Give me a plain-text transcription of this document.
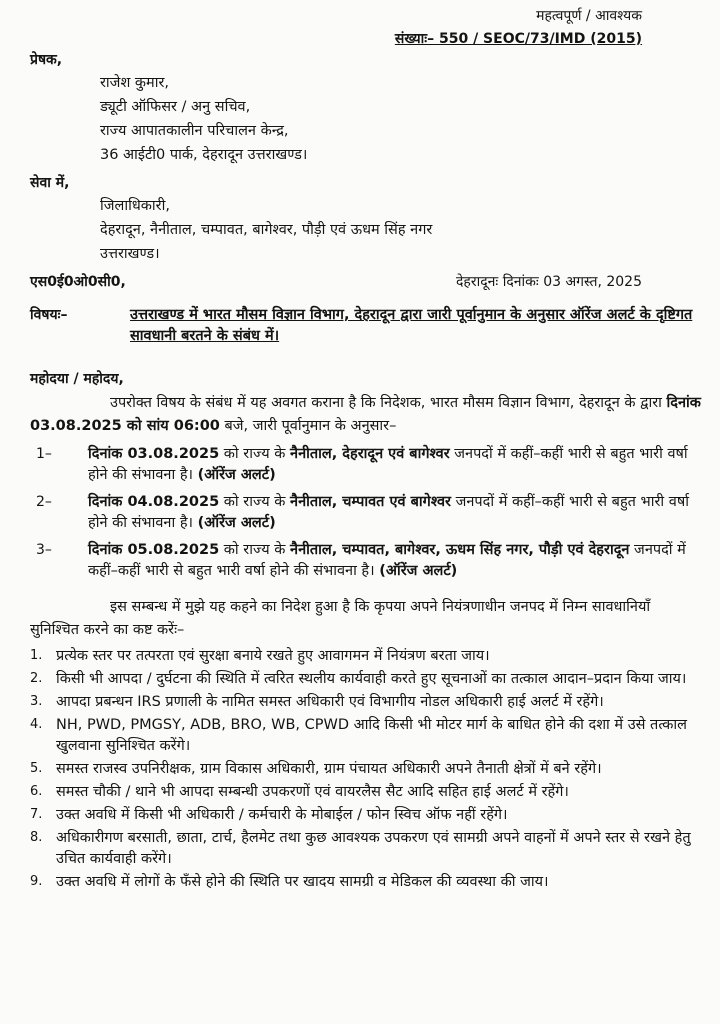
महत्वपूर्ण / आवश्यक
संख्याः– 550 / SEOC/73/IMD (2015)
प्रेषक,
राजेश कुमार,
ड्यूटी ऑफिसर / अनु सचिव,
राज्य आपातकालीन परिचालन केन्द्र,
36 आईटी0 पार्क, देहरादून उत्तराखण्ड।
सेवा में,
जिलाधिकारी,
देहरादून, नैनीताल, चम्पावत, बागेश्वर, पौड़ी एवं ऊधम सिंह नगर
उत्तराखण्ड।
एस0ई0ओ0सी0,	देहरादूनः दिनांकः 03 अगस्त, 2025
विषयः–	उत्तराखण्ड में भारत मौसम विज्ञान विभाग, देहरादून द्वारा जारी पूर्वानुमान के अनुसार ऑरेंज अलर्ट के दृष्टिगत सावधानी बरतने के संबंध में।
महोदया / महोदय,

उपरोक्त विषय के संबंध में यह अवगत कराना है कि निदेशक, भारत मौसम विज्ञान विभाग, देहरादून के द्वारा दिनांक 03.08.2025 को सांय 06:00 बजे, जारी पूर्वानुमान के अनुसार–

1–	दिनांक 03.08.2025 को राज्य के नैनीताल, देहरादून एवं बागेश्वर जनपदों में कहीं–कहीं भारी से बहुत भारी वर्षा होने की संभावना है। (ऑरेंज अलर्ट)
2–	दिनांक 04.08.2025 को राज्य के नैनीताल, चम्पावत एवं बागेश्वर जनपदों में कहीं–कहीं भारी से बहुत भारी वर्षा होने की संभावना है। (ऑरेंज अलर्ट)
3–	दिनांक 05.08.2025 को राज्य के नैनीताल, चम्पावत, बागेश्वर, ऊधम सिंह नगर, पौड़ी एवं देहरादून जनपदों में कहीं–कहीं भारी से बहुत भारी वर्षा होने की संभावना है। (ऑरेंज अलर्ट)

इस सम्बन्ध में मुझे यह कहने का निदेश हुआ है कि कृपया अपने नियंत्रणाधीन जनपद में निम्न सावधानियाँ सुनिश्चित करने का कष्ट करेंः–

1. प्रत्येक स्तर पर तत्परता एवं सुरक्षा बनाये रखते हुए आवागमन में नियंत्रण बरता जाय।
2. किसी भी आपदा / दुर्घटना की स्थिति में त्वरित स्थलीय कार्यवाही करते हुए सूचनाओं का तत्काल आदान–प्रदान किया जाय।
3. आपदा प्रबन्धन IRS प्रणाली के नामित समस्त अधिकारी एवं विभागीय नोडल अधिकारी हाई अलर्ट में रहेंगे।
4. NH, PWD, PMGSY, ADB, BRO, WB, CPWD आदि किसी भी मोटर मार्ग के बाधित होने की दशा में उसे तत्काल खुलवाना सुनिश्चित करेंगे।
5. समस्त राजस्व उपनिरीक्षक, ग्राम विकास अधिकारी, ग्राम पंचायत अधिकारी अपने तैनाती क्षेत्रों में बने रहेंगे।
6. समस्त चौकी / थाने भी आपदा सम्बन्धी उपकरणों एवं वायरलैस सैट आदि सहित हाई अलर्ट में रहेंगे।
7. उक्त अवधि में किसी भी अधिकारी / कर्मचारी के मोबाईल / फोन स्विच ऑफ नहीं रहेंगे।
8. अधिकारीगण बरसाती, छाता, टार्च, हैलमेट तथा कुछ आवश्यक उपकरण एवं सामग्री अपने वाहनों में अपने स्तर से रखने हेतु उचित कार्यवाही करेंगे।
9. उक्त अवधि में लोगों के फँसे होने की स्थिति पर खादय सामग्री व मेडिकल की व्यवस्था की जाय।
